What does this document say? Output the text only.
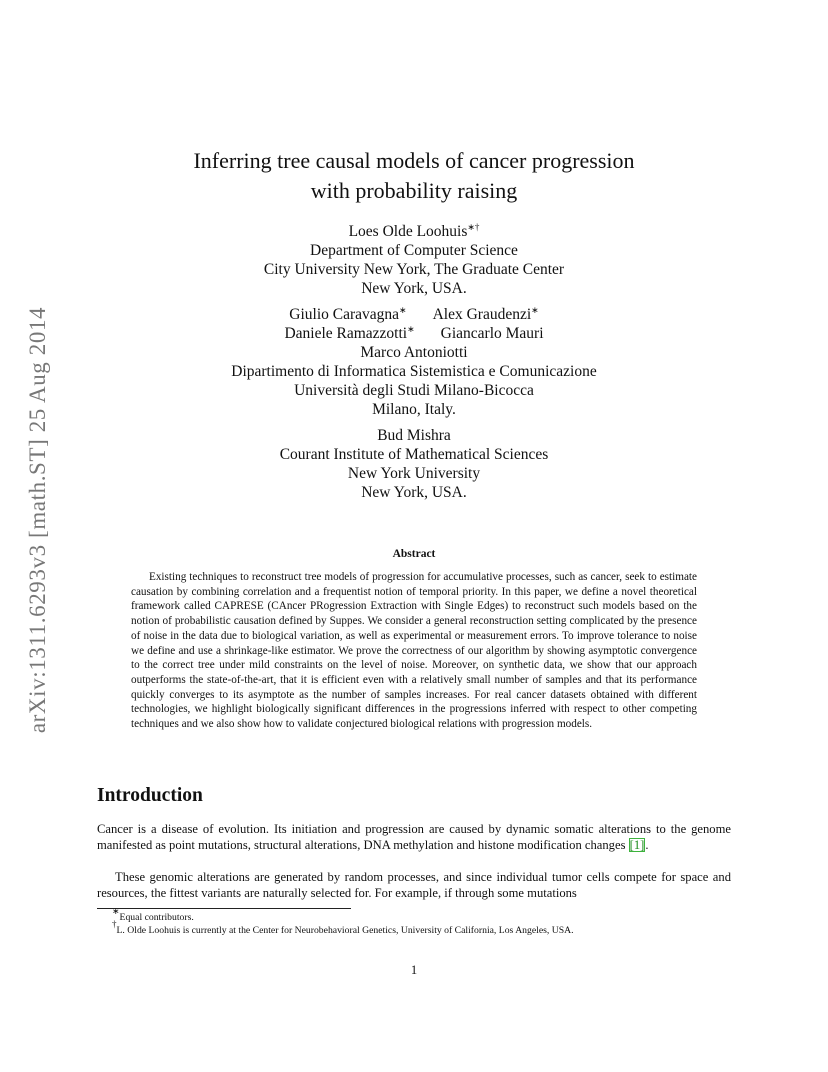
arXiv:1311.6293v3 [math.ST] 25 Aug 2014
Inferring tree causal models of cancer progression
with probability raising
Loes Olde Loohuis∗†
Department of Computer Science
City University New York, The Graduate Center
New York, USA.
Giulio Caravagna∗ Alex Graudenzi∗
Daniele Ramazzotti∗ Giancarlo Mauri
Marco Antoniotti
Dipartimento di Informatica Sistemistica e Comunicazione
Università degli Studi Milano-Bicocca
Milano, Italy.
Bud Mishra
Courant Institute of Mathematical Sciences
New York University
New York, USA.
Abstract
Existing techniques to reconstruct tree models of progression for accumulative processes, such as cancer, seek to estimate causation by combining correlation and a frequentist notion of temporal priority. In this paper, we define a novel theoretical framework called CAPRESE (CAncer PRogression Extraction with Single Edges) to reconstruct such models based on the notion of probabilistic causation defined by Suppes. We consider a general reconstruction setting complicated by the presence of noise in the data due to biological variation, as well as experimental or measurement errors. To improve tolerance to noise we define and use a shrinkage-like estimator. We prove the correctness of our algorithm by showing asymptotic convergence to the correct tree under mild constraints on the level of noise. Moreover, on synthetic data, we show that our approach outperforms the state-of-the-art, that it is efficient even with a relatively small number of samples and that its performance quickly converges to its asymptote as the number of samples increases. For real cancer datasets obtained with different technologies, we highlight biologically significant differences in the progressions inferred with respect to other competing techniques and we also show how to validate conjectured biological relations with progression models.
Introduction
Cancer is a disease of evolution. Its initiation and progression are caused by dynamic somatic alterations to the genome manifested as point mutations, structural alterations, DNA methylation and histone modification changes [1].
These genomic alterations are generated by random processes, and since individual tumor cells compete for space and resources, the fittest variants are naturally selected for. For example, if through some mutations
∗Equal contributors.
†L. Olde Loohuis is currently at the Center for Neurobehavioral Genetics, University of California, Los Angeles, USA.
1
